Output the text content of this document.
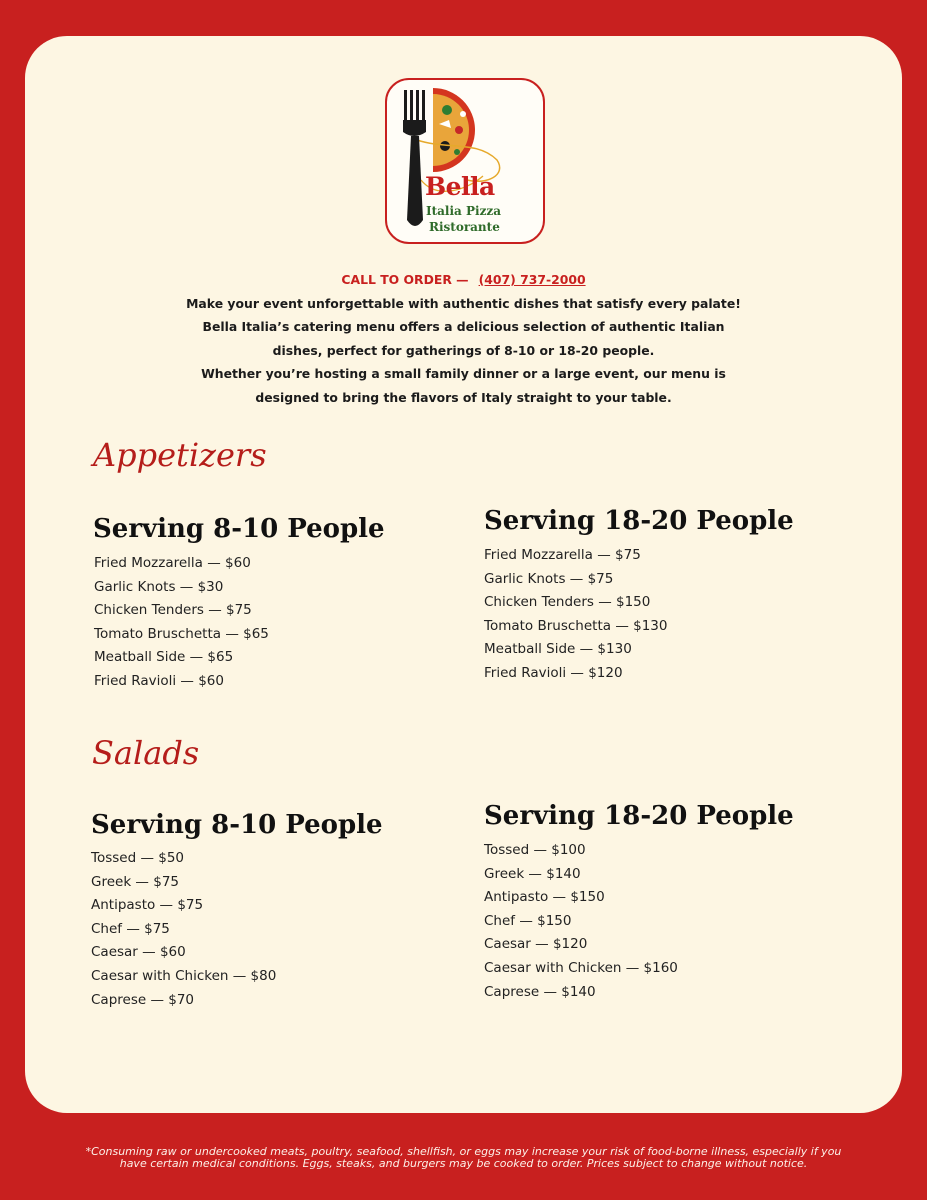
Bella
Italia Pizza
Ristorante
CALL TO ORDER — (407) 737-2000
Make your event unforgettable with authentic dishes that satisfy every palate!
Bella Italia’s catering menu offers a delicious selection of authentic Italian
dishes, perfect for gatherings of 8-10 or 18-20 people.
Whether you’re hosting a small family dinner or a large event, our menu is
designed to bring the flavors of Italy straight to your table.
Appetizers
Serving 8-10 People
Fried Mozzarella — $60
Garlic Knots — $30
Chicken Tenders — $75
Tomato Bruschetta — $65
Meatball Side — $65
Fried Ravioli — $60
Serving 18-20 People
Fried Mozzarella — $75
Garlic Knots — $75
Chicken Tenders — $150
Tomato Bruschetta — $130
Meatball Side — $130
Fried Ravioli — $120
Salads
Serving 8-10 People
Tossed — $50
Greek — $75
Antipasto — $75
Chef — $75
Caesar — $60
Caesar with Chicken — $80
Caprese — $70
Serving 18-20 People
Tossed — $100
Greek — $140
Antipasto — $150
Chef — $150
Caesar — $120
Caesar with Chicken — $160
Caprese — $140
*Consuming raw or undercooked meats, poultry, seafood, shellfish, or eggs may increase your risk of food-borne illness, especially if you
have certain medical conditions. Eggs, steaks, and burgers may be cooked to order. Prices subject to change without notice.
